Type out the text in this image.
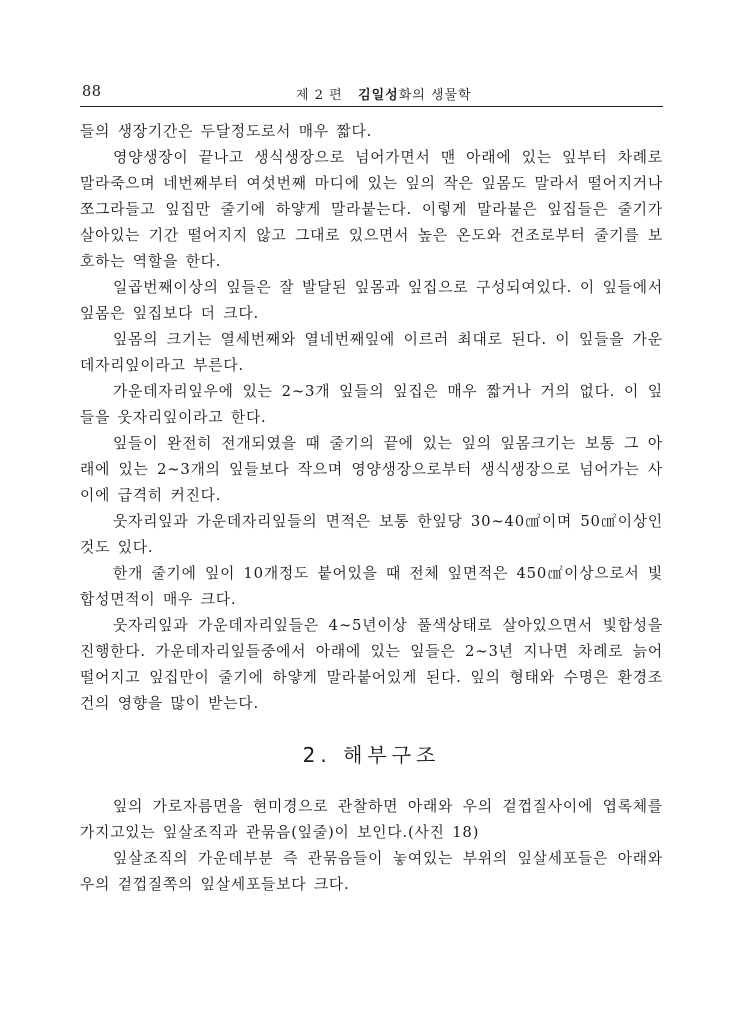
88	제 2 편 김일성화의 생물학

들의 생장기간은 두달정도로서 매우 짧다.

영양생장이 끝나고 생식생장으로 넘어가면서 맨 아래에 있는 잎부터 차례로 말라죽으며 네번째부터 여섯번째 마디에 있는 잎의 작은 잎몸도 말라서 떨어지거나 쪼그라들고 잎집만 줄기에 하얗게 말라붙는다. 이렇게 말라붙은 잎집들은 줄기가 살아있는 기간 떨어지지 않고 그대로 있으면서 높은 온도와 건조로부터 줄기를 보호하는 역할을 한다.

일곱번째이상의 잎들은 잘 발달된 잎몸과 잎집으로 구성되여있다. 이 잎들에서 잎몸은 잎집보다 더 크다.

잎몸의 크기는 열세번째와 열네번째잎에 이르러 최대로 된다. 이 잎들을 가운데자리잎이라고 부른다.

가운데자리잎우에 있는 2∼3개 잎들의 잎집은 매우 짧거나 거의 없다. 이 잎들을 웃자리잎이라고 한다.

잎들이 완전히 전개되였을 때 줄기의 끝에 있는 잎의 잎몸크기는 보통 그 아래에 있는 2∼3개의 잎들보다 작으며 영양생장으로부터 생식생장으로 넘어가는 사이에 급격히 커진다.

웃자리잎과 가운데자리잎들의 면적은 보통 한잎당 30∼40㎠이며 50㎠이상인것도 있다.

한개 줄기에 잎이 10개정도 붙어있을 때 전체 잎면적은 450㎠이상으로서 빛합성면적이 매우 크다.

웃자리잎과 가운데자리잎들은 4∼5년이상 풀색상태로 살아있으면서 빛합성을 진행한다. 가운데자리잎들중에서 아래에 있는 잎들은 2∼3년 지나면 차례로 늙어 떨어지고 잎집만이 줄기에 하얗게 말라붙어있게 된다. 잎의 형태와 수명은 환경조건의 영향을 많이 받는다.

2. 해부구조

잎의 가로자름면을 현미경으로 관찰하면 아래와 우의 겉껍질사이에 엽록체를 가지고있는 잎살조직과 관묶음(잎줄)이 보인다.(사진 18)

잎살조직의 가운데부분 즉 관묶음들이 놓여있는 부위의 잎살세포들은 아래와 우의 겉껍질쪽의 잎살세포들보다 크다.
